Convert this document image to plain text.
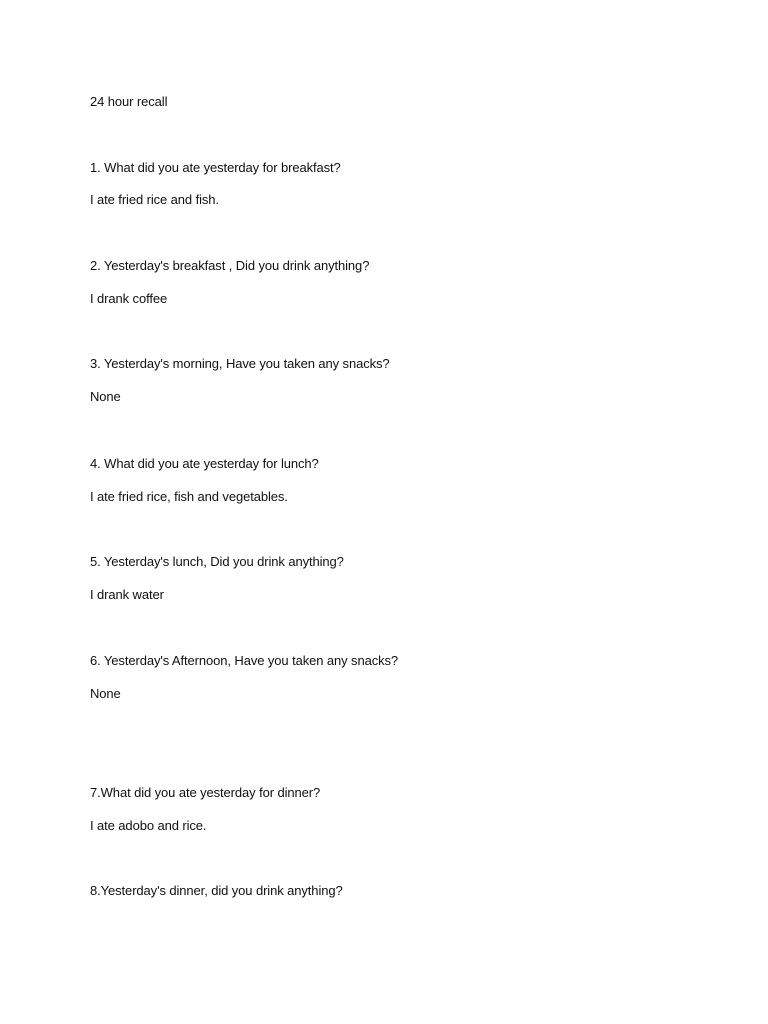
24 hour recall
1. What did you ate yesterday for breakfast?
I ate fried rice and fish.
2. Yesterday's breakfast , Did you drink anything?
I drank coffee
3. Yesterday's morning, Have you taken any snacks?
None
4. What did you ate yesterday for lunch?
I ate fried rice, fish and vegetables.
5. Yesterday's lunch, Did you drink anything?
I drank water
6. Yesterday's Afternoon, Have you taken any snacks?
None
7.What did you ate yesterday for dinner?
I ate adobo and rice.
8.Yesterday's dinner, did you drink anything?
